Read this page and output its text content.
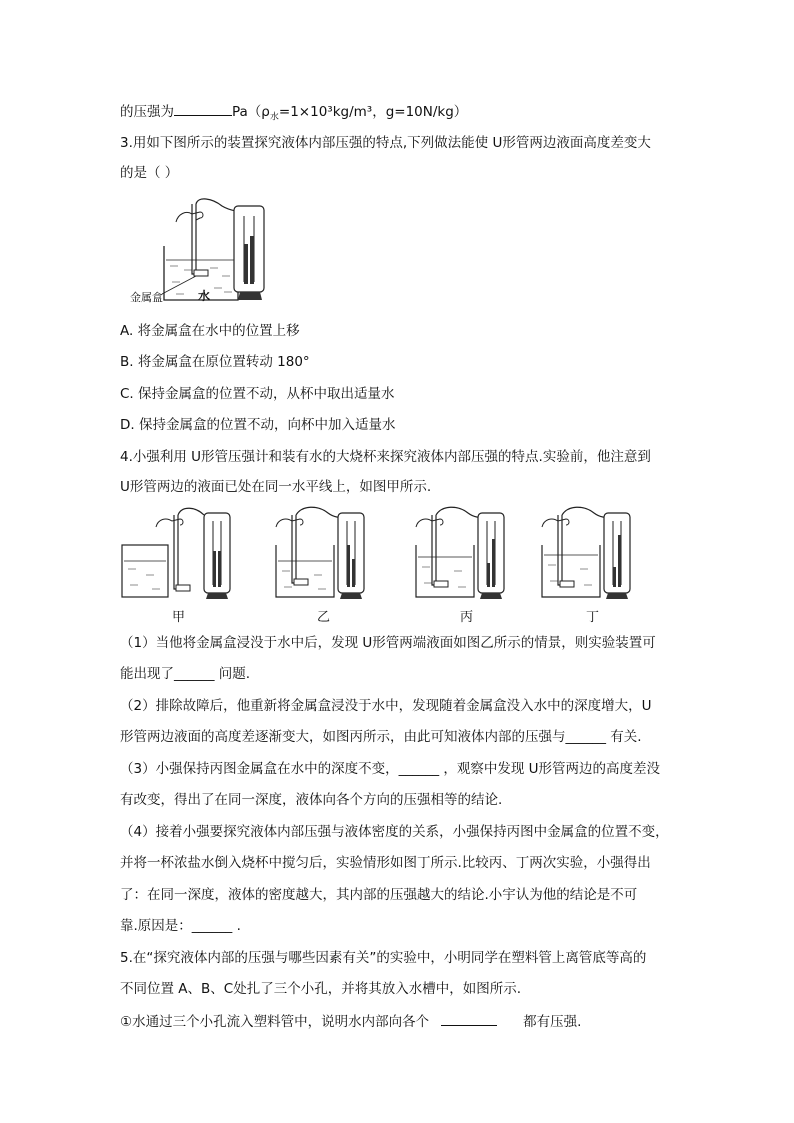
的压强为	$Pa(\rho_水=1\times 10^3kg/m^3$，g=10N/kg）
3.用如下图所示的装置探究液体内部压强的特点,下列做法能使 U形管两边液面高度差变大
的是（ ）
金属盒	水
A. 将金属盒在水中的位置上移
B. 将金属盒在原位置转动 180°
C. 保持金属盒的位置不动，从杯中取出适量水
D. 保持金属盒的位置不动，向杯中加入适量水
4.小强利用 U形管压强计和装有水的大烧杯来探究液体内部压强的特点.实验前，他注意到
U形管两边的液面已处在同一水平线上，如图甲所示.
甲	乙	丙	丁
（1）当他将金属盒浸没于水中后，发现 U形管两端液面如图乙所示的情景，则实验装置可
能出现了______ 问题.
（2）排除故障后，他重新将金属盒浸没于水中，发现随着金属盒没入水中的深度增大，U
形管两边液面的高度差逐渐变大，如图丙所示，由此可知液体内部的压强与______ 有关.
（3）小强保持丙图金属盒在水中的深度不变，______ ，观察中发现 U形管两边的高度差没
有改变，得出了在同一深度，液体向各个方向的压强相等的结论.
（4）接着小强要探究液体内部压强与液体密度的关系，小强保持丙图中金属盒的位置不变，
并将一杯浓盐水倒入烧杯中搅匀后，实验情形如图丁所示.比较丙、丁两次实验，小强得出
了：在同一深度，液体的密度越大，其内部的压强越大的结论.小宇认为他的结论是不可
靠.原因是：______ .
5.在“探究液体内部的压强与哪些因素有关”的实验中，小明同学在塑料管上离管底等高的
不同位置 A、B、C处扎了三个小孔，并将其放入水槽中，如图所示.
①水通过三个小孔流入塑料管中，说明水内部向各个	都有压强.
